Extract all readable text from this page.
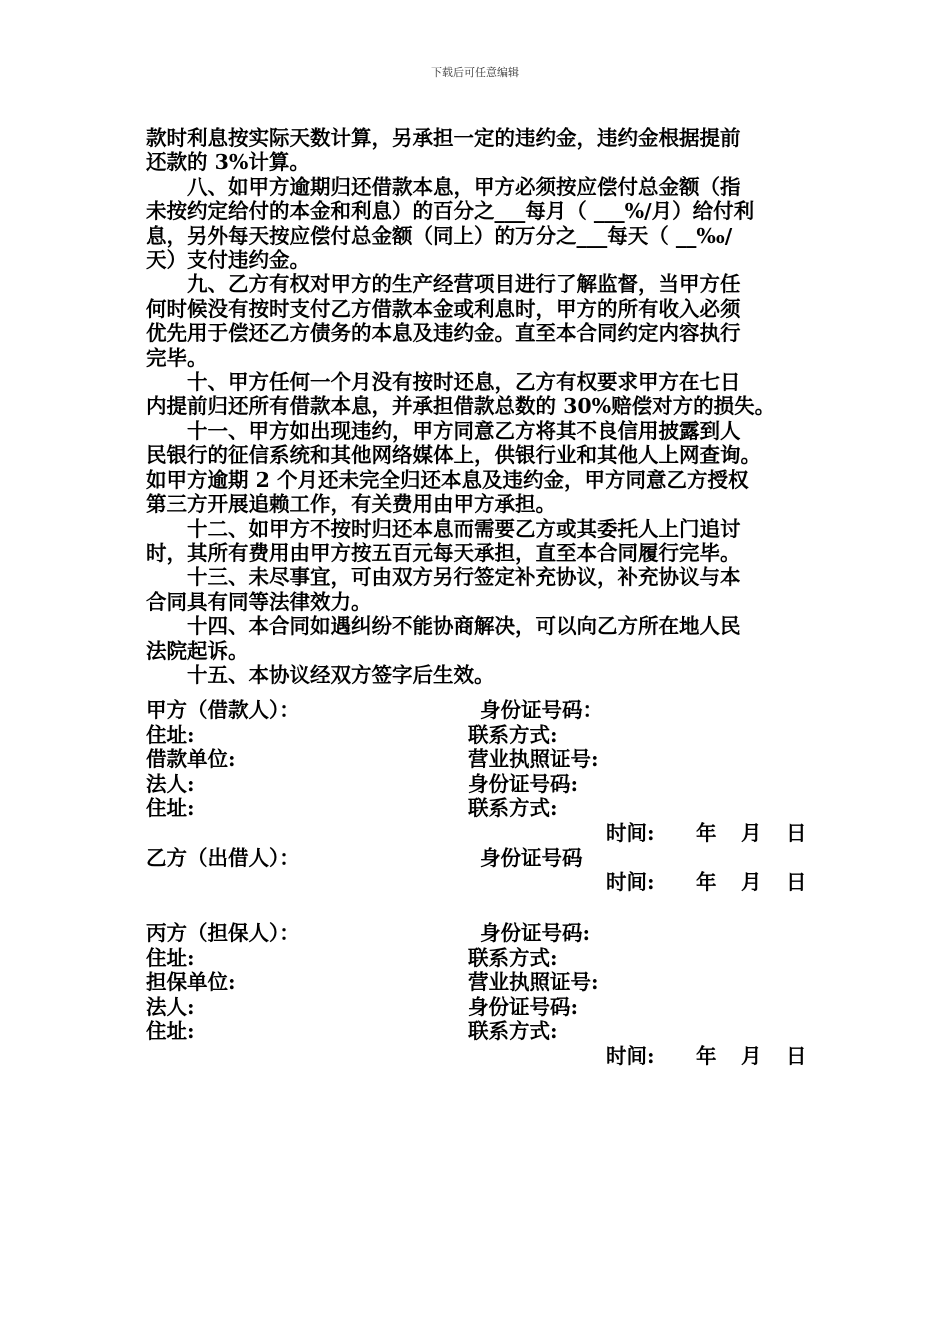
下载后可任意编辑

款时利息按实际天数计算，另承担一定的违约金，违约金根据提前

还款的 3%计算。

　　八、如甲方逾期归还借款本息，甲方必须按应偿付总金额（指

未按约定给付的本金和利息）的百分之___每月（ ___%/月）给付利

息，另外每天按应偿付总金额（同上）的万分之___每天（ __‰/

天）支付违约金。

　　九、乙方有权对甲方的生产经营项目进行了解监督，当甲方任

何时候没有按时支付乙方借款本金或利息时，甲方的所有收入必须

优先用于偿还乙方债务的本息及违约金。直至本合同约定内容执行

完毕。

　　十、甲方任何一个月没有按时还息，乙方有权要求甲方在七日

内提前归还所有借款本息，并承担借款总数的 30%赔偿对方的损失。

　　十一、甲方如出现违约，甲方同意乙方将其不良信用披露到人

民银行的征信系统和其他网络媒体上，供银行业和其他人上网查询。

如甲方逾期 2 个月还未完全归还本息及违约金，甲方同意乙方授权

第三方开展追赖工作，有关费用由甲方承担。

　　十二、如甲方不按时归还本息而需要乙方或其委托人上门追讨

时，其所有费用由甲方按五百元每天承担，直至本合同履行完毕。

　　十三、未尽事宜，可由双方另行签定补充协议，补充协议与本

合同具有同等法律效力。

　　十四、本合同如遇纠纷不能协商解决，可以向乙方所在地人民

法院起诉。

　　十五、本协议经双方签字后生效。

甲方（借款人）：	身份证号码：
住址:	联系方式:
借款单位:	营业执照证号:
法人:	身份证号码:
住址:	联系方式:
时间: 年 月 日
乙方（出借人）：	身份证号码
时间: 年 月 日
丙方（担保人）：	身份证号码:
住址:	联系方式:
担保单位:	营业执照证号:
法人:	身份证号码:
住址:	联系方式:
时间: 年 月 日
